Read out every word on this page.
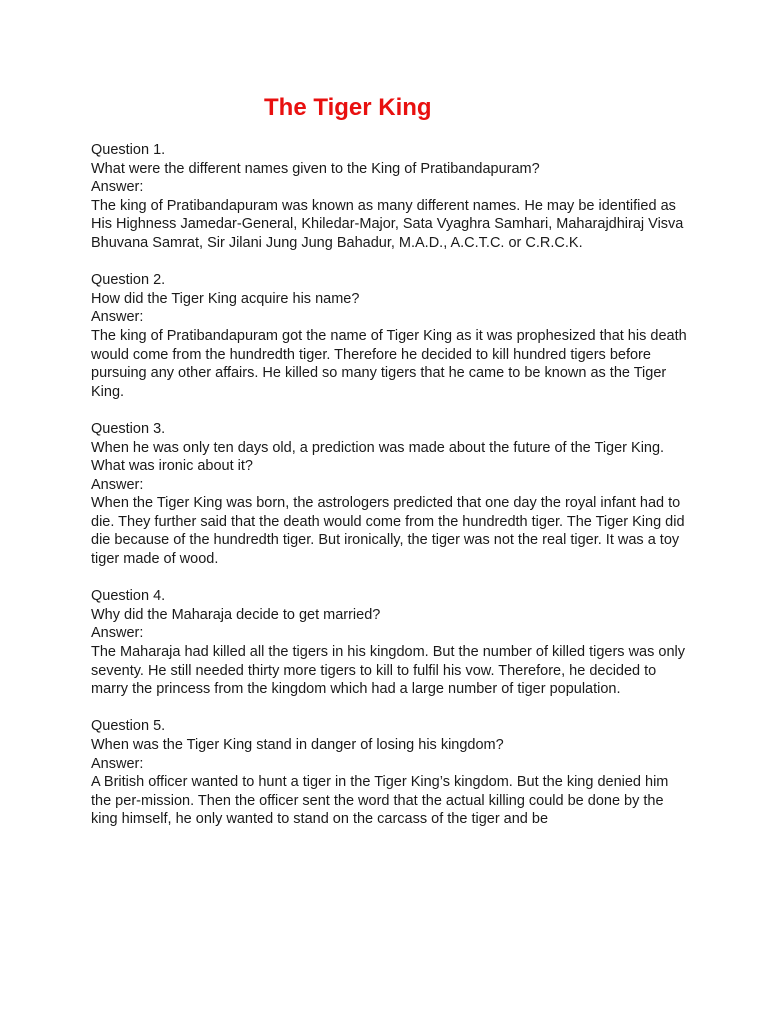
The Tiger King

Question 1.

What were the different names given to the King of Pratibandapuram?

Answer:

The king of Pratibandapuram was known as many different names. He may be identified as His Highness Jamedar-General, Khiledar-Major, Sata Vyaghra Samhari, Maharajdhiraj Visva Bhuvana Samrat, Sir Jilani Jung Jung Bahadur, M.A.D., A.C.T.C. or C.R.C.K.

Question 2.

How did the Tiger King acquire his name?

Answer:

The king of Pratibandapuram got the name of Tiger King as it was prophesized that his death would come from the hundredth tiger. Therefore he decided to kill hundred tigers before pursuing any other affairs. He killed so many tigers that he came to be known as the Tiger King.

Question 3.

When he was only ten days old, a prediction was made about the future of the Tiger King. What was ironic about it?

Answer:

When the Tiger King was born, the astrologers predicted that one day the royal infant had to die. They further said that the death would come from the hundredth tiger. The Tiger King did die because of the hundredth tiger. But ironically, the tiger was not the real tiger. It was a toy tiger made of wood.

Question 4.

Why did the Maharaja decide to get married?

Answer:

The Maharaja had killed all the tigers in his kingdom. But the number of killed tigers was only seventy. He still needed thirty more tigers to kill to fulfil his vow. Therefore, he decided to marry the princess from the kingdom which had a large number of tiger population.

Question 5.

When was the Tiger King stand in danger of losing his kingdom?

Answer:

A British officer wanted to hunt a tiger in the Tiger King’s kingdom. But the king denied him the per-mission. Then the officer sent the word that the actual killing could be done by the king himself, he only wanted to stand on the carcass of the tiger and be
